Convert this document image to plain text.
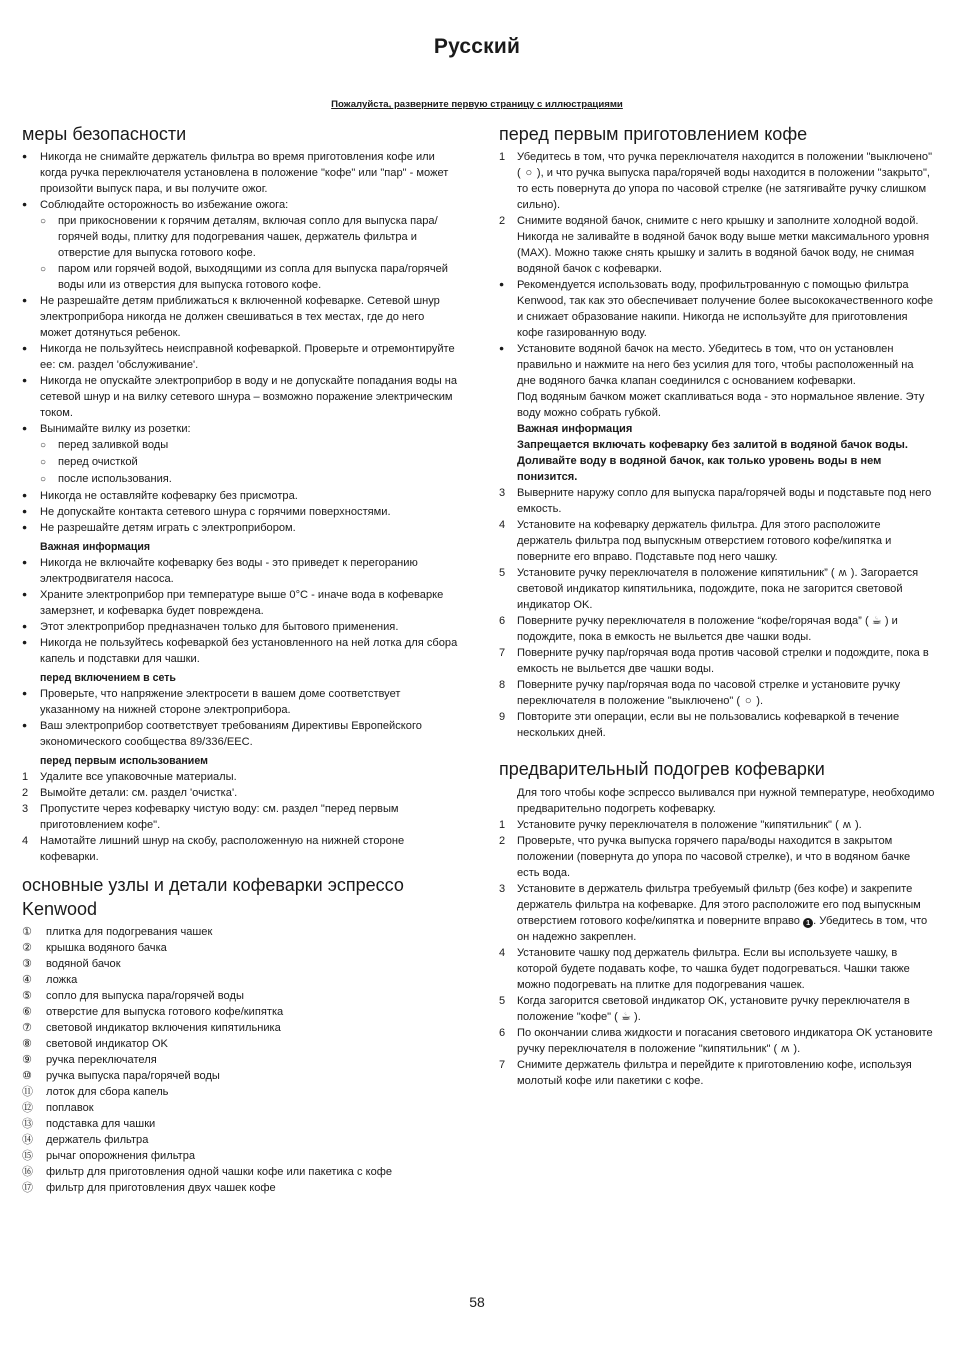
Русский
Пожалуйста, разверните первую страницу с иллюстрациями
меры безопасности
●
Никогда не снимайте держатель фильтра во время приготовления кофе или когда ручка переключателя установлена в положение "кофе" или "пар" - может произойти выпуск пара, и вы получите ожог.
●
Соблюдайте осторожность во избежание ожога:
○
при прикосновении к горячим деталям, включая сопло для выпуска пара/горячей воды, плитку для подогревания чашек, держатель фильтра и отверстие для выпуска готового кофе.
○
паром или горячей водой, выходящими из сопла для выпуска пара/горячей воды или из отверстия для выпуска готового кофе.
●
Не разрешайте детям приближаться к включенной кофеварке. Сетевой шнур электроприбора никогда не должен свешиваться в тех местах, где до него может дотянуться ребенок.
●
Никогда не пользуйтесь неисправной кофеваркой. Проверьте и отремонтируйте ее: см. раздел 'обслуживание'.
●
Никогда не опускайте электроприбор в воду и не допускайте попадания воды на сетевой шнур и на вилку сетевого шнура – возможно поражение электрическим током.
●
Вынимайте вилку из розетки:
○
перед заливкой воды
○
перед очисткой
○
после использования.
●
Никогда не оставляйте кофеварку без присмотра.
●
Не допускайте контакта сетевого шнура с горячими поверхностями.
●
Не разрешайте детям играть с электроприбором.
Важная информация
●
Никогда не включайте кофеварку без воды - это приведет к перегоранию электродвигателя насоса.
●
Храните электроприбор при температуре выше 0°C - иначе вода в кофеварке замерзнет, и кофеварка будет повреждена.
●
Этот электроприбор предназначен только для бытового применения.
●
Никогда не пользуйтесь кофеваркой без установленного на ней лотка для сбора капель и подставки для чашки.
перед включением в сеть
●
Проверьте, что напряжение электросети в вашем доме соответствует указанному на нижней стороне электроприбора.
●
Ваш электроприбор соответствует требованиям Директивы Европейского экономического сообщества 89/336/EEC.
перед первым использованием
1	Удалите все упаковочные материалы.
2	Вымойте детали: см. раздел 'очистка'.
3	Пропустите через кофеварку чистую воду: см. раздел "перед первым приготовлением кофе".
4	Намотайте лишний шнур на скобу, расположенную на нижней стороне кофеварки.
основные узлы и детали кофеварки эспрессо Kenwood
①	плитка для подогревания чашек
②	крышка водяного бачка
③	водяной бачок
④	ложка
⑤	сопло для выпуска пара/горячей воды
⑥	отверстие для выпуска готового кофе/кипятка
⑦	световой индикатор включения кипятильника
⑧	световой индикатор OK
⑨	ручка переключателя
⑩	ручка выпуска пара/горячей воды
⑪	лоток для сбора капель
⑫	поплавок
⑬	подставка для чашки
⑭	держатель фильтра
⑮	рычаг опорожнения фильтра
⑯	фильтр для приготовления одной чашки кофе или пакетика с кофе
⑰	фильтр для приготовления двух чашек кофе
перед первым приготовлением кофе
1	Убедитесь в том, что ручка переключателя находится в положении "выключено" ( ○ ), и что ручка выпуска пара/горячей воды находится в положении "закрыто", то есть повернута до упора по часовой стрелке (не затягивайте ручку слишком сильно).
2	Снимите водяной бачок, снимите с него крышку и заполните холодной водой. Никогда не заливайте в водяной бачок воду выше метки максимального уровня (MAX). Можно также снять крышку и залить в водяной бачок воду, не снимая водяной бачок с кофеварки.
●
Рекомендуется использовать воду, профильтрованную с помощью фильтра Kenwood, так как это обеспечивает получение более высококачественного кофе и снижает образование накипи. Никогда не используйте для приготовления кофе газированную воду.
●
Установите водяной бачок на место. Убедитесь в том, что он установлен правильно и нажмите на него без усилия для того, чтобы расположенный на дне водяного бачка клапан соединился с основанием кофеварки.
Под водяным бачком может скапливаться вода - это нормальное явление. Эту воду можно собрать губкой.
Важная информация
Запрещается включать кофеварку без залитой в водяной бачок воды. Доливайте воду в водяной бачок, как только уровень воды в нем понизится.
3	Выверните наружу сопло для выпуска пара/горячей воды и подставьте под него емкость.
4	Установите на кофеварку держатель фильтра. Для этого расположите держатель фильтра под выпускным отверстием готового кофе/кипятка и поверните его вправо. Подставьте под него чашку.
5	Установите ручку переключателя в положение кипятильник” ( ʍ ). Загорается световой индикатор кипятильника, подождите, пока не загорится световой индикатор OK.
6	Поверните ручку переключателя в положение “кофе/горячая вода” ( ☕ ) и подождите, пока в емкость не выльется две чашки воды.
7	Поверните ручку пар/горячая вода против часовой стрелки и подождите, пока в емкость не выльется две чашки воды.
8	Поверните ручку пар/горячая вода по часовой стрелке и установите ручку переключателя в положение "выключено" ( ○ ).
9	Повторите эти операции, если вы не пользовались кофеваркой в течение нескольких дней.
предварительный подогрев кофеварки
Для того чтобы кофе эспрессо выливался при нужной температуре, необходимо предварительно подогреть кофеварку.
1	Установите ручку переключателя в положение "кипятильник" ( ʍ ).
2	Проверьте, что ручка выпуска горячего пара/воды находится в закрытом положении (повернута до упора по часовой стрелке), и что в водяном бачке есть вода.
3	Установите в держатель фильтра требуемый фильтр (без кофе) и закрепите держатель фильтра на кофеварке. Для этого расположите его под выпускным отверстием готового кофе/кипятка и поверните вправо 1 . Убедитесь в том, что он надежно закреплен.
4	Установите чашку под держатель фильтра. Если вы используете чашку, в которой будете подавать кофе, то чашка будет подогреваться. Чашки также можно подогревать на плитке для подогревания чашек.
5	Когда загорится световой индикатор OK, установите ручку переключателя в положение "кофе" ( ☕ ).
6	По окончании слива жидкости и погасания светового индикатора OK установите ручку переключателя в положение "кипятильник" ( ʍ ).
7	Снимите держатель фильтра и перейдите к приготовлению кофе, используя молотый кофе или пакетики с кофе.
58
